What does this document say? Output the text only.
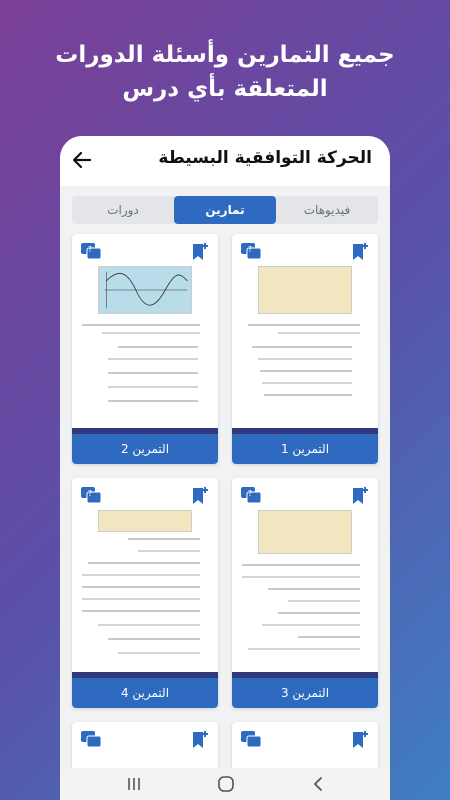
جميع التمارين وأسئلة الدورات
المتعلقة بأي درس
الحركة التوافقية البسيطة
دورات	تمارين	فيديوهات
?
التمرين 1
?
التمرين 2
?
التمرين 3
?
التمرين 4
